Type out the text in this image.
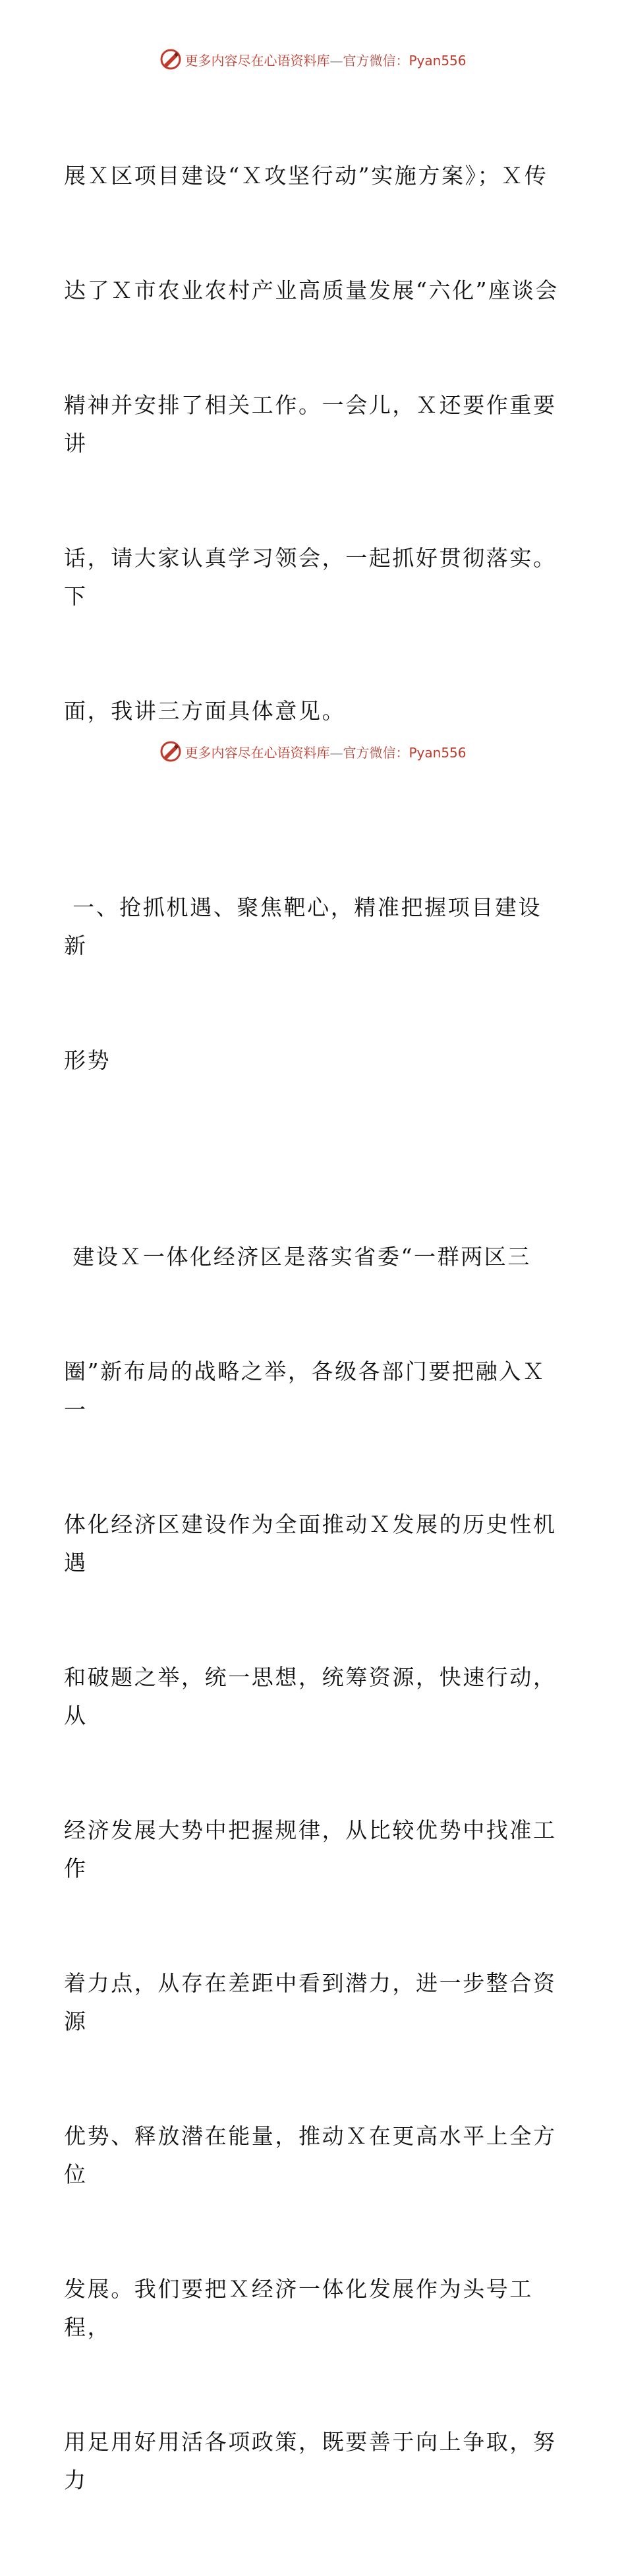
更多内容尽在心语资料库—官方微信：Pyan556

展Ｘ区项目建设“Ｘ攻坚行动”实施方案》；Ｘ传

达了Ｘ市农业农村产业高质量发展“六化”座谈会

精神并安排了相关工作。一会儿，Ｘ还要作重要讲

话，请大家认真学习领会，一起抓好贯彻落实。下

面，我讲三方面具体意见。

一、抢抓机遇、聚焦靶心，精准把握项目建设新

形势

建设Ｘ一体化经济区是落实省委“一群两区三

圈”新布局的战略之举，各级各部门要把融入Ｘ一

体化经济区建设作为全面推动Ｘ发展的历史性机遇

和破题之举，统一思想，统筹资源，快速行动，从

经济发展大势中把握规律，从比较优势中找准工作

着力点，从存在差距中看到潜力，进一步整合资源

优势、释放潜在能量，推动Ｘ在更高水平上全方位

发展。我们要把Ｘ经济一体化发展作为头号工程，

用足用好用活各项政策，既要善于向上争取，努力

更多内容尽在心语资料库—官方微信：Pyan556
